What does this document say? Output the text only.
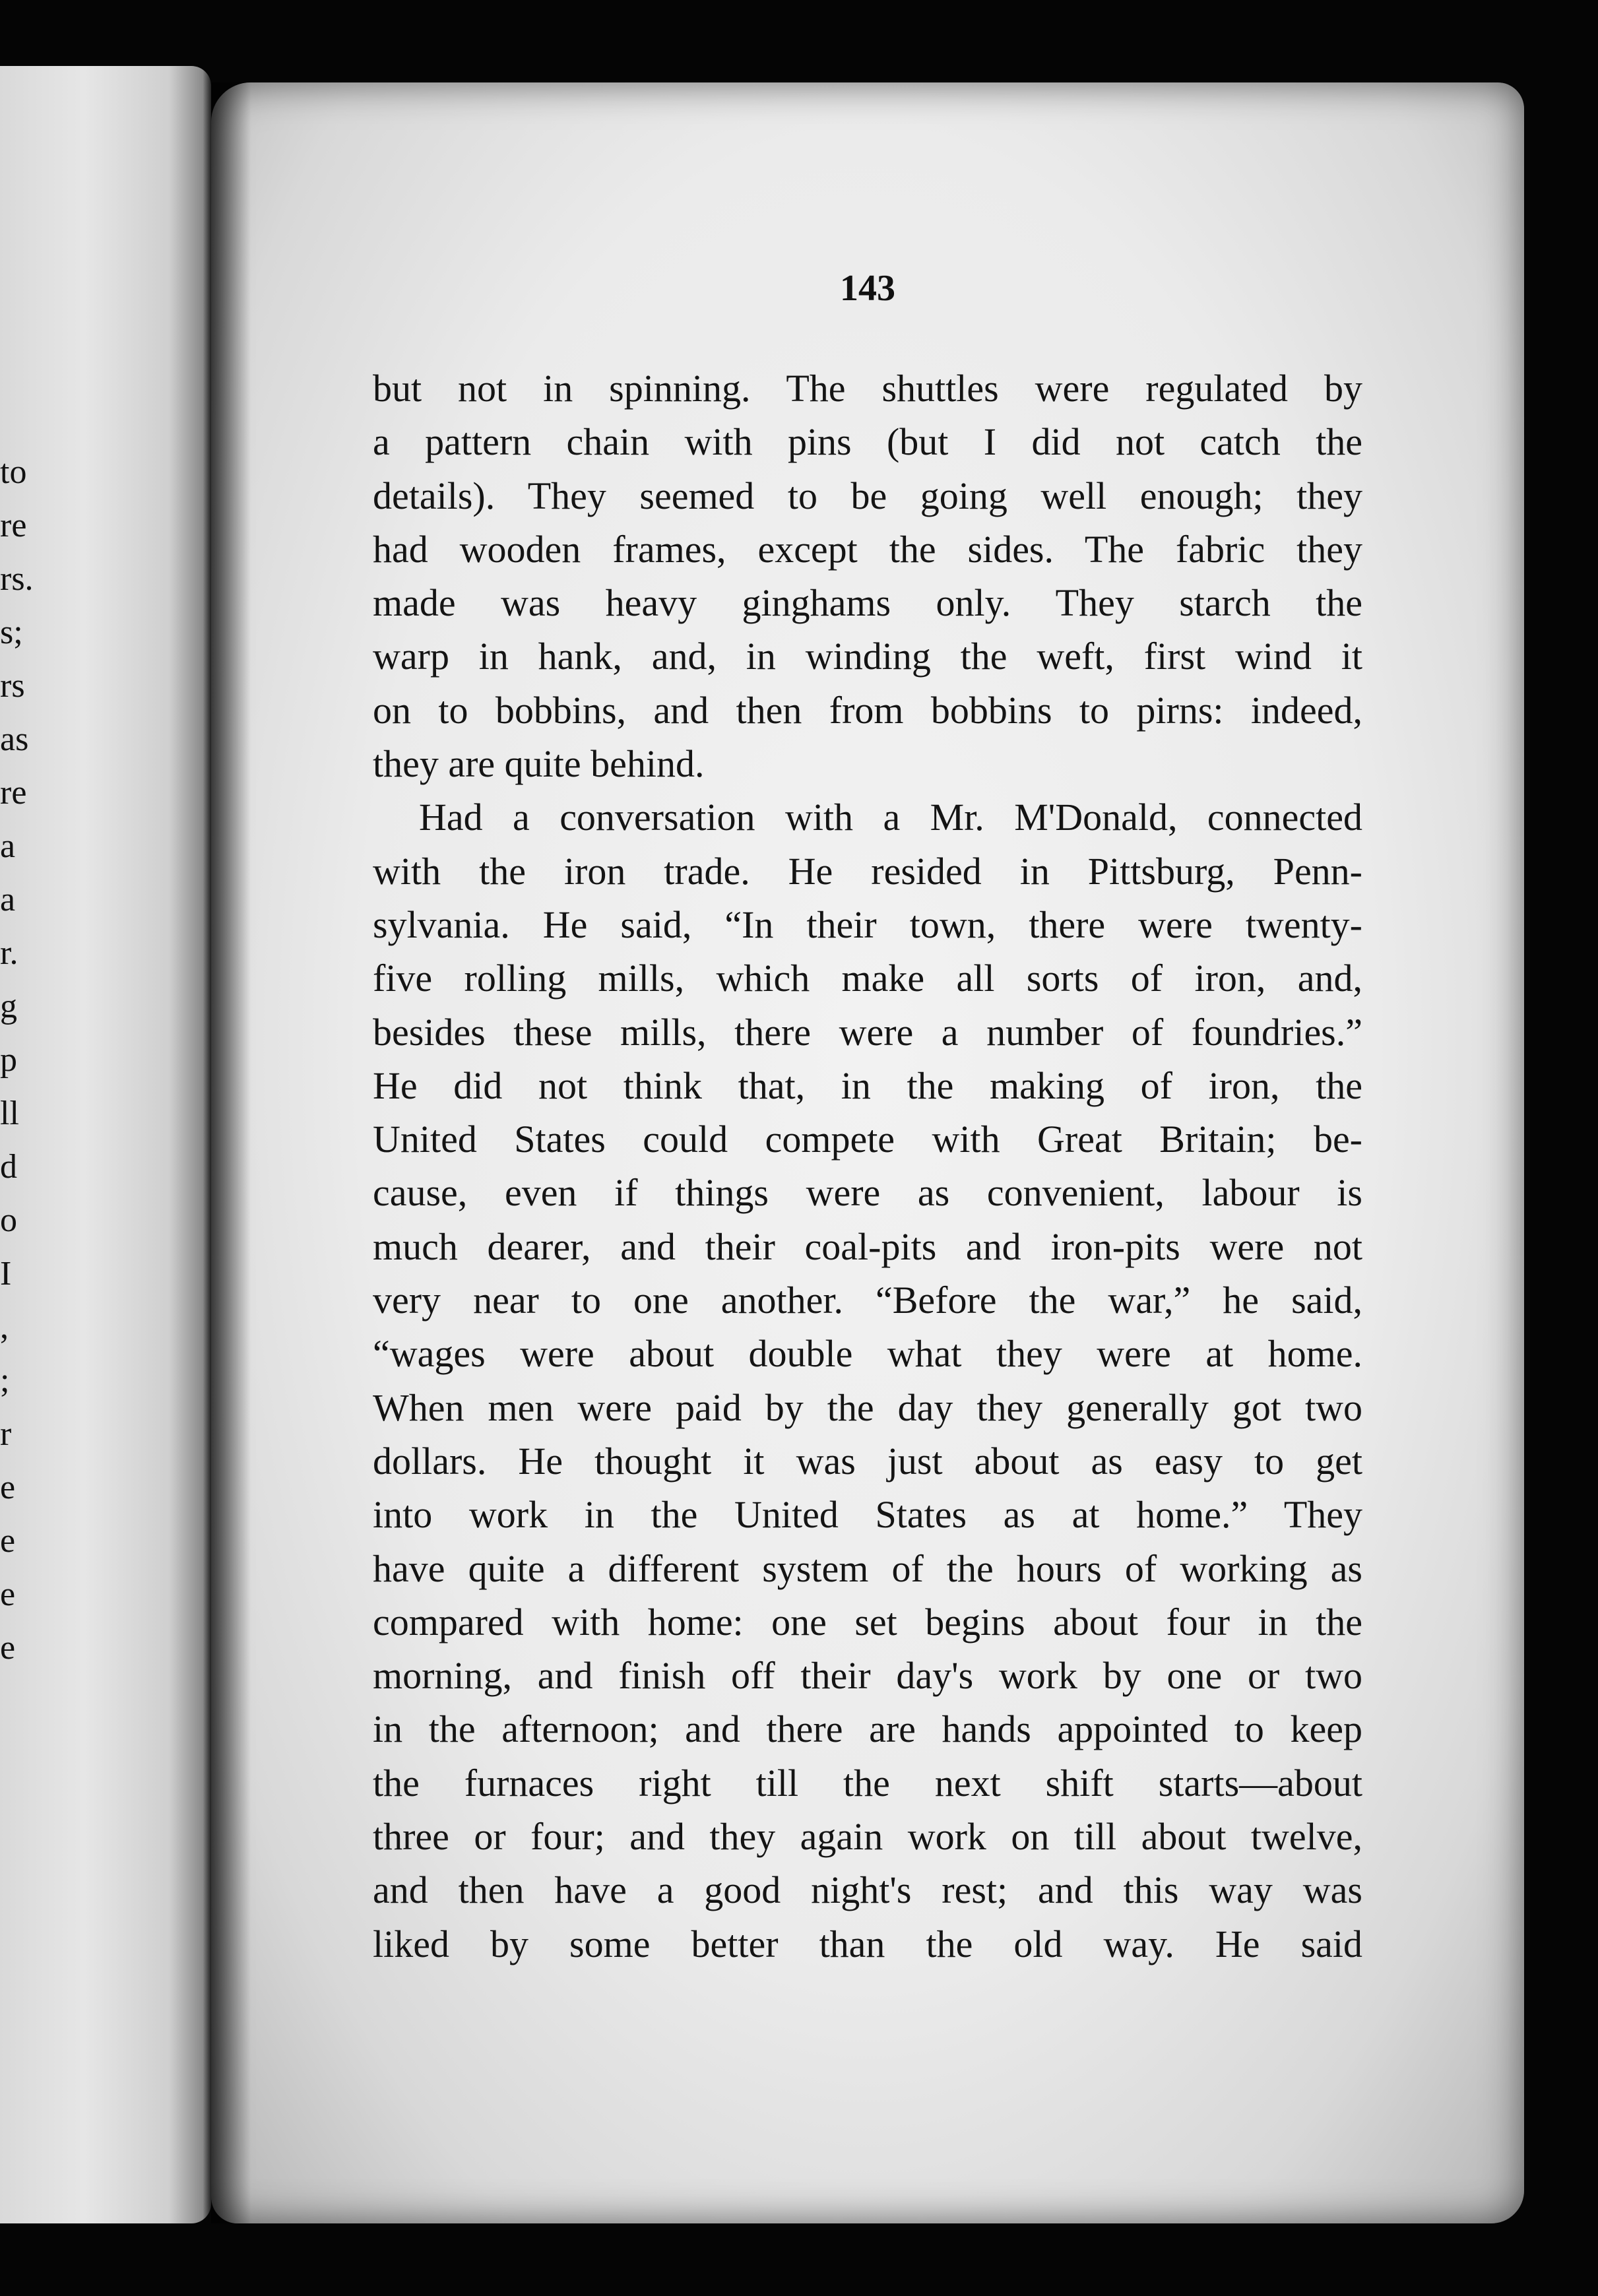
to
re
rs.
s;
rs
as
re
a
a
r.
g
p
ll
d
o
I
,
;
r
e
e
e
e
143
but not in spinning. The shuttles were regulated by
a pattern chain with pins (but I did not catch the
details). They seemed to be going well enough; they
had wooden frames, except the sides. The fabric they
made was heavy ginghams only. They starch the
warp in hank, and, in winding the weft, first wind it
on to bobbins, and then from bobbins to pirns: indeed,
they are quite behind.
Had a conversation with a Mr. M'Donald, connected
with the iron trade. He resided in Pittsburg, Penn-
sylvania. He said, “In their town, there were twenty-
five rolling mills, which make all sorts of iron, and,
besides these mills, there were a number of foundries.”
He did not think that, in the making of iron, the
United States could compete with Great Britain; be-
cause, even if things were as convenient, labour is
much dearer, and their coal-pits and iron-pits were not
very near to one another. “Before the war,” he said,
“wages were about double what they were at home.
When men were paid by the day they generally got two
dollars. He thought it was just about as easy to get
into work in the United States as at home.” They
have quite a different system of the hours of working as
compared with home: one set begins about four in the
morning, and finish off their day's work by one or two
in the afternoon; and there are hands appointed to keep
the furnaces right till the next shift starts—about
three or four; and they again work on till about twelve,
and then have a good night's rest; and this way was
liked by some better than the old way. He said
